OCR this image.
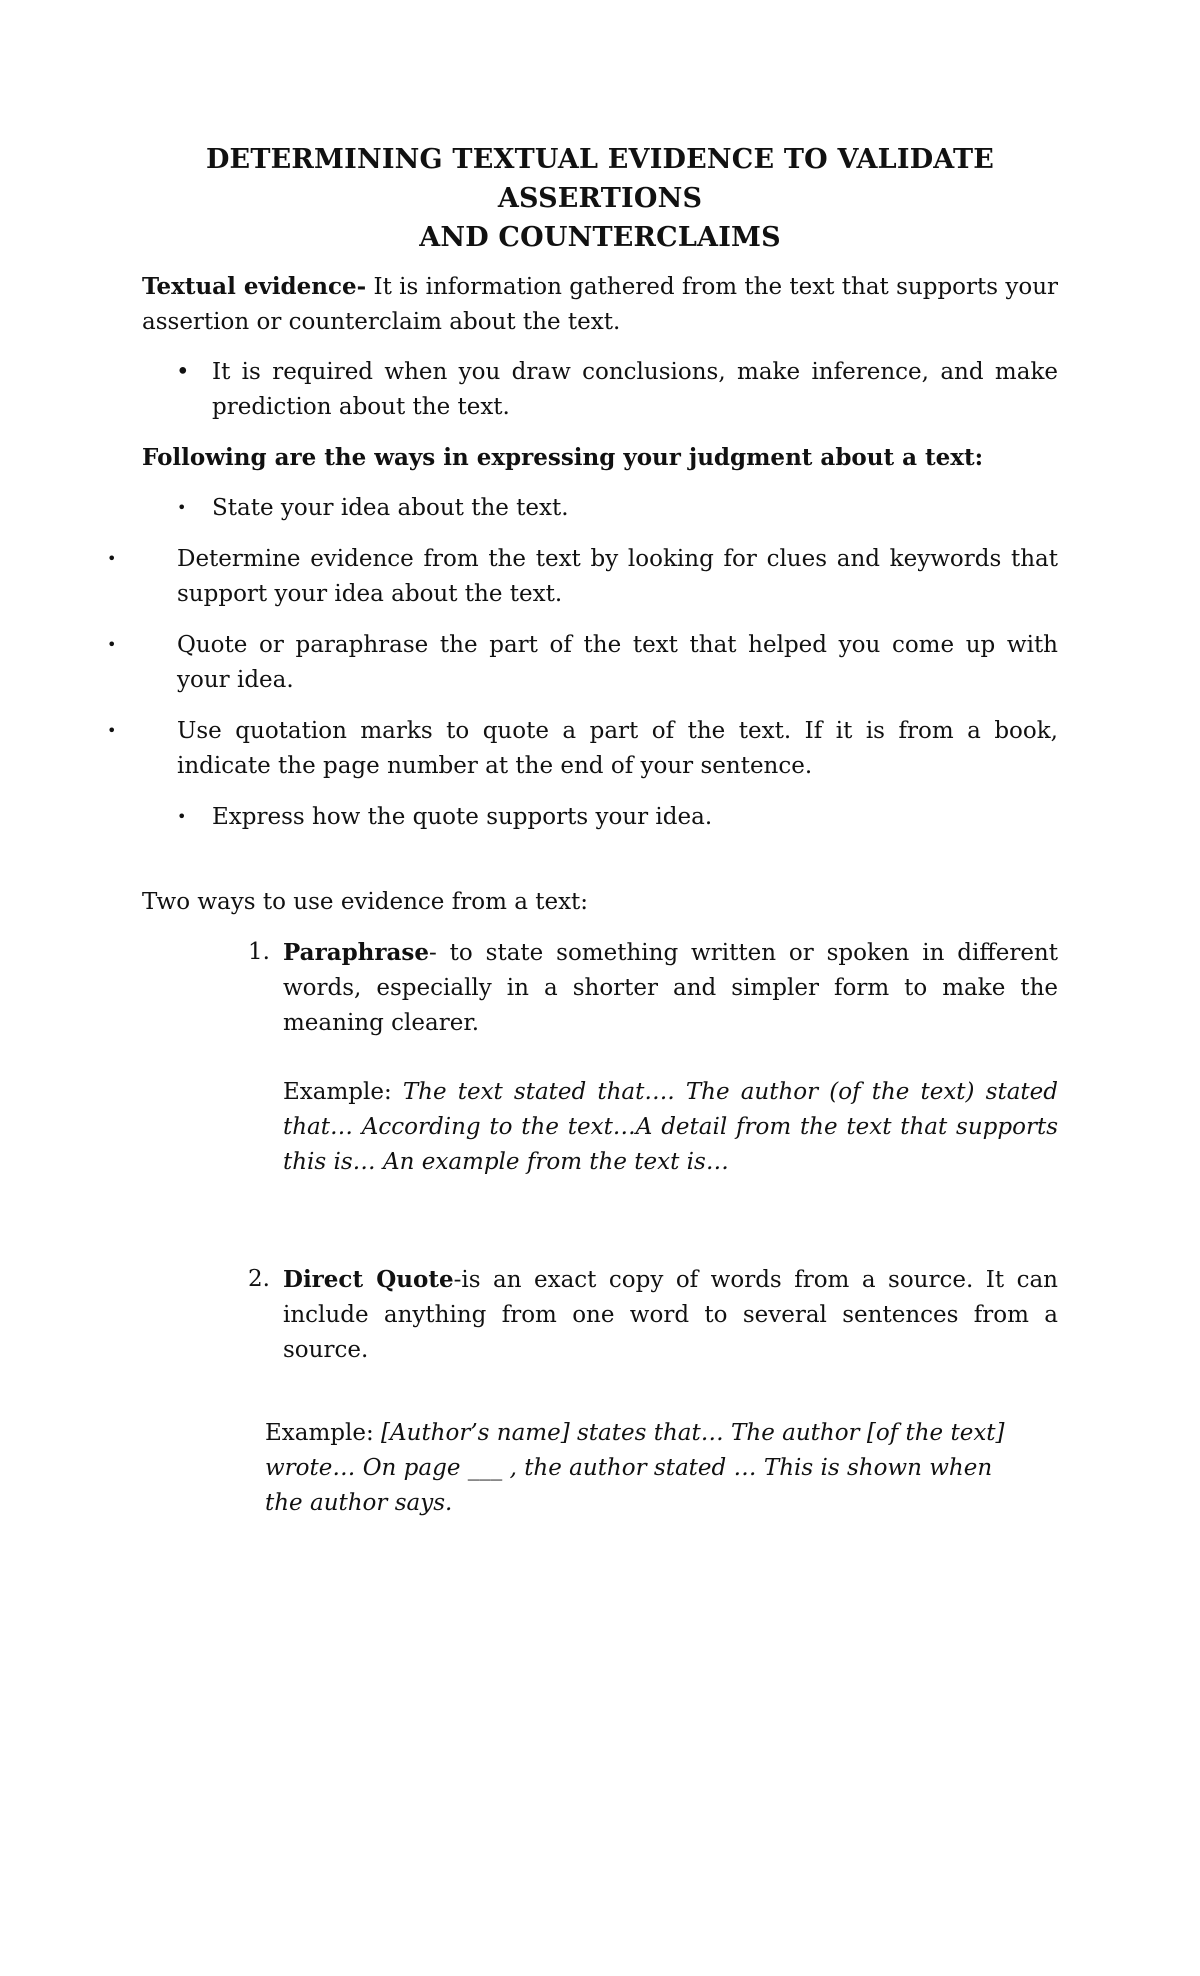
DETERMINING TEXTUAL EVIDENCE TO VALIDATE ASSERTIONS
AND COUNTERCLAIMS

Textual evidence- It is information gathered from the text that supports your assertion or counterclaim about the text.

• It is required when you draw conclusions, make inference, and make prediction about the text.

Following are the ways in expressing your judgment about a text:

• State your idea about the text.

•	Determine evidence from the text by looking for clues and keywords that support your idea about the text.

•	Quote or paraphrase the part of the text that helped you come up with your idea.

•	Use quotation marks to quote a part of the text. If it is from a book, indicate the page number at the end of your sentence.

• Express how the quote supports your idea.

Two ways to use evidence from a text:

1. Paraphrase- to state something written or spoken in different words, especially in a shorter and simpler form to make the meaning clearer.
Example: The text stated that…. The author (of the text) stated that… According to the text…A detail from the text that supports this is… An example from the text is…
2. Direct Quote-is an exact copy of words from a source. It can include anything from one word to several sentences from a source.
Example: [Author’s name] states that… The author [of the text] wrote… On page ___ , the author stated … This is shown when the author says.
